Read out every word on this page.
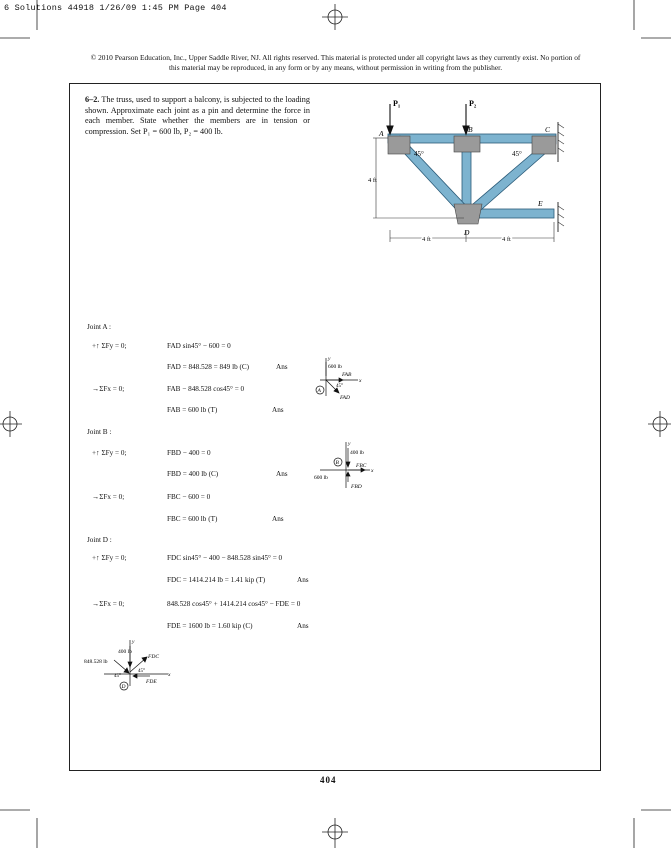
6 Solutions 44918 1/26/09 1:45 PM Page 404
© 2010 Pearson Education, Inc., Upper Saddle River, NJ. All rights reserved. This material is protected under all copyright laws as they currently exist. No portion of this material may be reproduced, in any form or by any means, without permission in writing from the publisher.
6–2. The truss, used to support a balcony, is subjected to the loading shown. Approximate each joint as a pin and determine the force in each member. State whether the members are in tension or compression. Set P₁ = 600 lb, P₂ = 400 lb.
P₁	P₂
A	B	C
D
E
45°	45°
4 ft
4 ft	4 ft
Joint A :
+↑ ΣFy = 0;	FAD sin45° − 600 = 0
FAD = 848.528 = 849 lb (C)	Ans
→ΣFx = 0;	FAB − 848.528 cos45° = 0
FAB = 600 lb (T)	Ans
y
600 lb
x
FAB
45°
FAD
A
Joint B :
+↑ ΣFy = 0;	FBD − 400 = 0
FBD = 400 lb (C)	Ans
→ΣFx = 0;	FBC − 600 = 0
FBC = 600 lb (T)	Ans
y
400 lb
600 lb
FBC
x
FBD
B
Joint D :
+↑ ΣFy = 0;	FDC sin45° − 400 − 848.528 sin45° = 0
FDC = 1414.214 lb = 1.41 kip (T)	Ans
→ΣFx = 0;	848.528 cos45° + 1414.214 cos45° − FDE = 0
FDE = 1600 lb = 1.60 kip (C)	Ans
y
400 lb
FDC
848.528 lb
45°
45°
x
FDE
D
404
